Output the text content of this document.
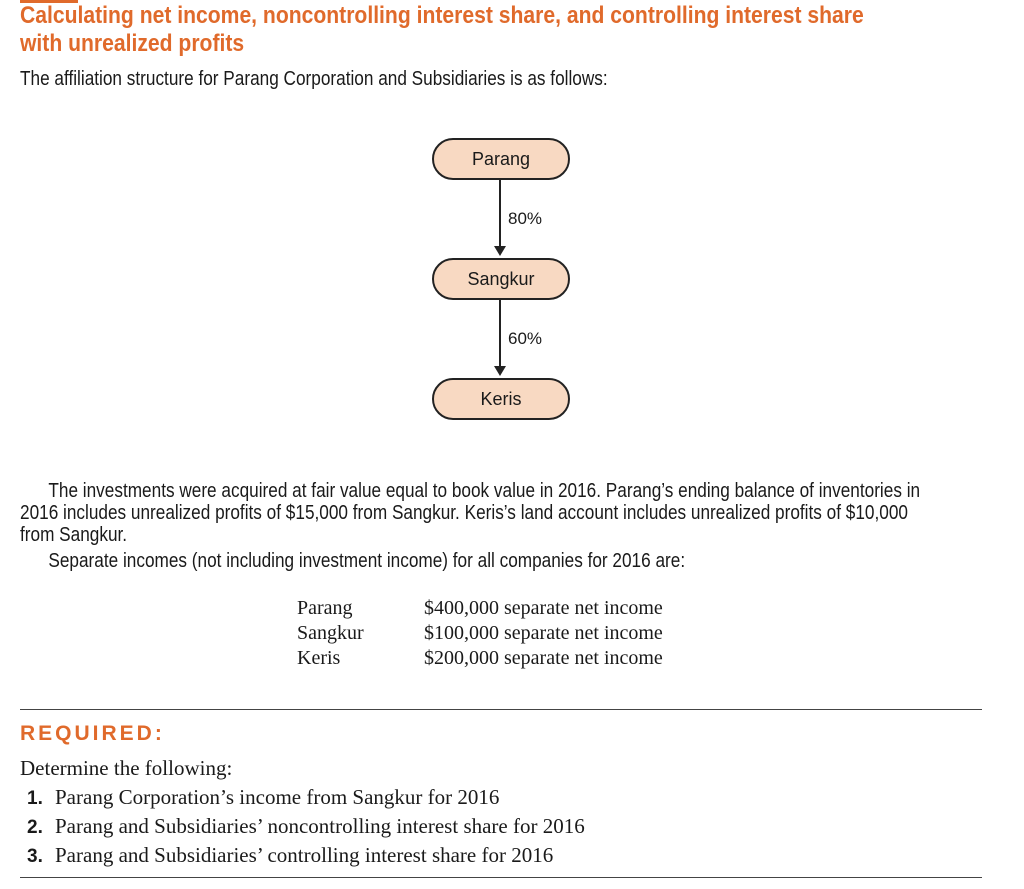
Calculating net income, noncontrolling interest share, and controlling interest share
with unrealized profits
The affiliation structure for Parang Corporation and Subsidiaries is as follows:
Parang
80%
Sangkur
60%
Keris

The investments were acquired at fair value equal to book value in 2016. Parang’s ending balance of inventories in
2016 includes unrealized profits of $15,000 from Sangkur. Keris’s land account includes unrealized profits of $10,000
from Sangkur.

Separate incomes (not including investment income) for all companies for 2016 are:

Parang	$400,000 separate net income
Sangkur	$100,000 separate net income
Keris	$200,000 separate net income
REQUIRED:
Determine the following:
1. Parang Corporation’s income from Sangkur for 2016
2. Parang and Subsidiaries’ noncontrolling interest share for 2016
3. Parang and Subsidiaries’ controlling interest share for 2016
